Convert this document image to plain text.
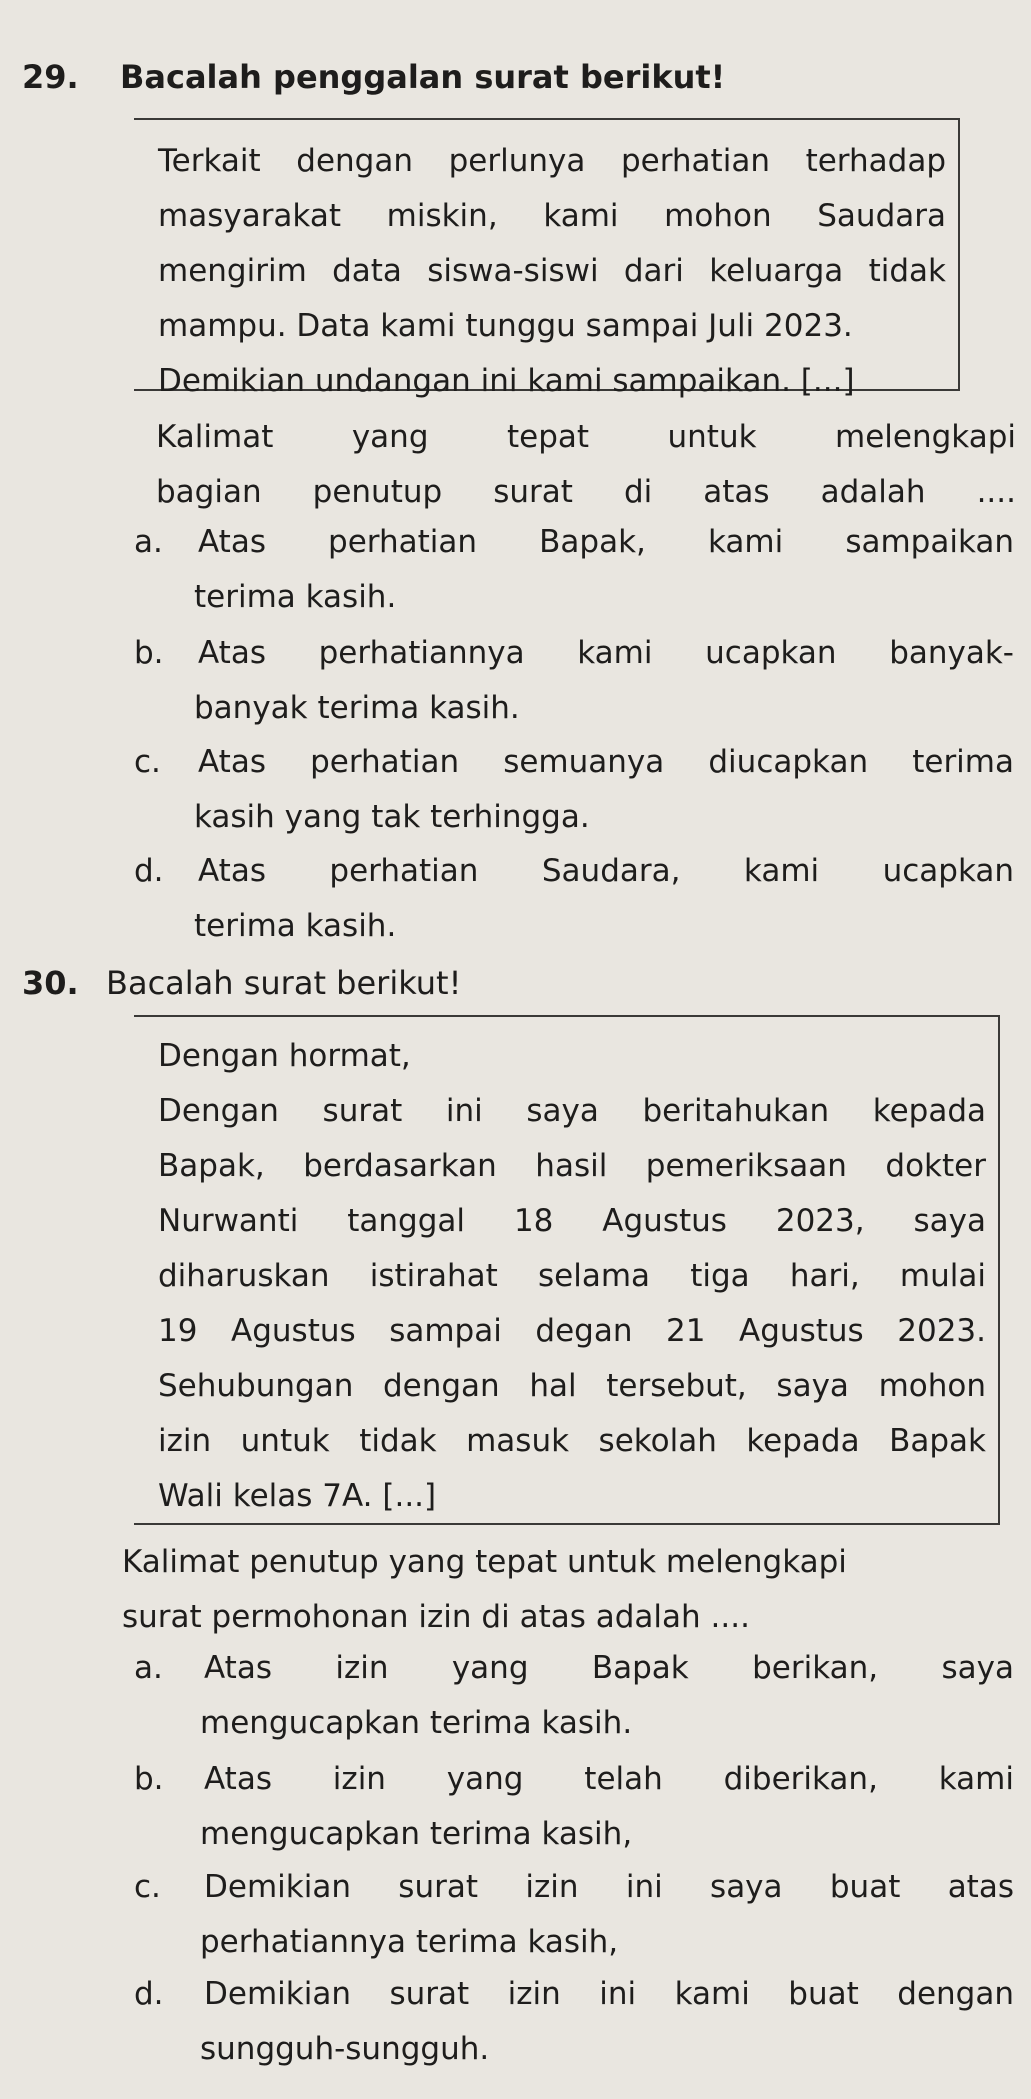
29. Bacalah penggalan surat berikut!

Terkait dengan perlunya perhatian terhadap

masyarakat miskin, kami mohon Saudara

mengirim data siswa-siswi dari keluarga tidak

mampu. Data kami tunggu sampai Juli 2023.

Demikian undangan ini kami sampaikan. [...]

Kalimat yang tepat untuk melengkapi
bagian penutup surat di atas adalah ....
a. Atas perhatian Bapak, kami sampaikan
terima kasih.
b. Atas perhatiannya kami ucapkan banyak-
banyak terima kasih.
c. Atas perhatian semuanya diucapkan terima
kasih yang tak terhingga.
d. Atas perhatian Saudara, kami ucapkan
terima kasih.
30. Bacalah surat berikut!

Dengan hormat,

Dengan surat ini saya beritahukan kepada

Bapak, berdasarkan hasil pemeriksaan dokter

Nurwanti tanggal 18 Agustus 2023, saya

diharuskan istirahat selama tiga hari, mulai

19 Agustus sampai degan 21 Agustus 2023.

Sehubungan dengan hal tersebut, saya mohon

izin untuk tidak masuk sekolah kepada Bapak

Wali kelas 7A. [...]

Kalimat penutup yang tepat untuk melengkapi
surat permohonan izin di atas adalah ....
a. Atas izin yang Bapak berikan, saya
mengucapkan terima kasih.
b. Atas izin yang telah diberikan, kami
mengucapkan terima kasih,
c. Demikian surat izin ini saya buat atas
perhatiannya terima kasih,
d. Demikian surat izin ini kami buat dengan
sungguh-sungguh.
